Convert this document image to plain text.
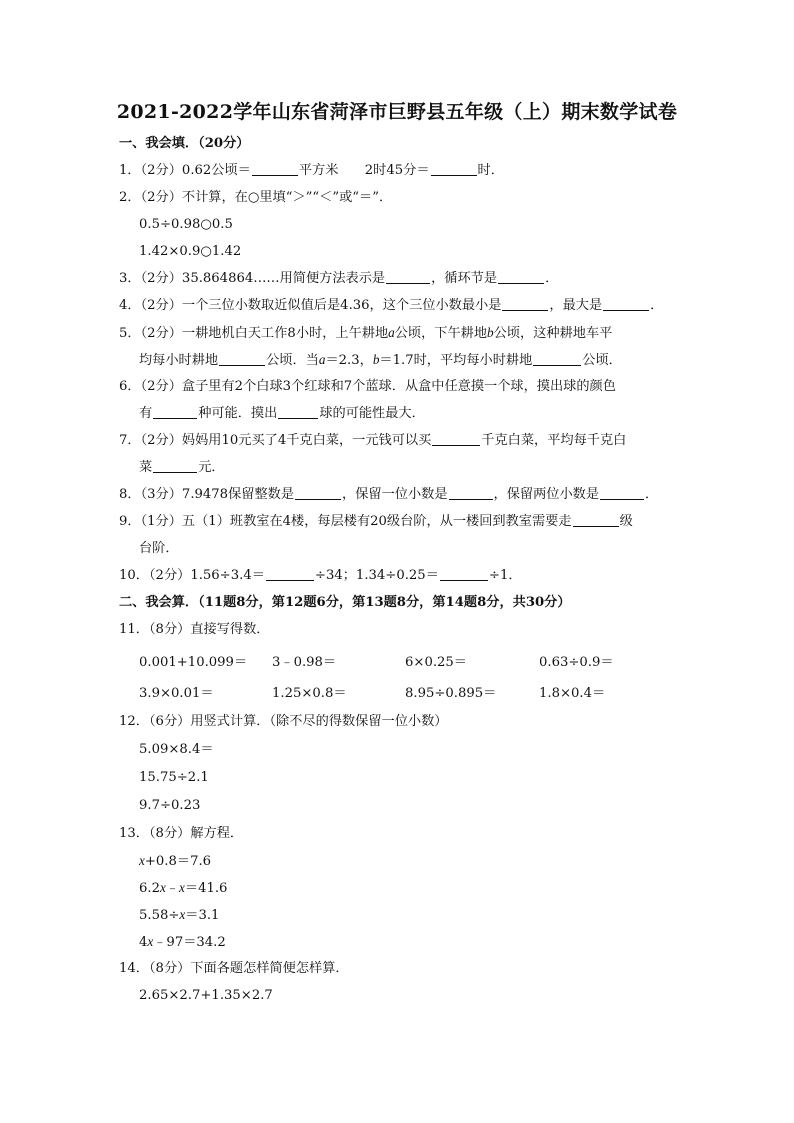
2021-2022学年山东省菏泽市巨野县五年级（上）期末数学试卷
一、我会填．（20分）
1．（2分）0.62公顷＝	平方米　　2时45分＝	时．
2．（2分）不计算，在○里填“＞”“＜”或“＝”．
0.5÷0.98○0.5
1.42×0.9○1.42
3．（2分）35.864864……用简便方法表示是	，循环节是	．
4．（2分）一个三位小数取近似值后是4.36，这个三位小数最小是	，最大是	．
5．（2分）一耕地机白天工作8小时，上午耕地a公顷，下午耕地b公顷，这种耕地车平
均每小时耕地	公顷．当a＝2.3，b＝1.7时，平均每小时耕地	公顷．
6．（2分）盒子里有2个白球3个红球和7个蓝球．从盒中任意摸一个球，摸出球的颜色
有	种可能．摸出	球的可能性最大．
7．（2分）妈妈用10元买了4千克白菜，一元钱可以买	千克白菜，平均每千克白
菜	元．
8．（3分）7.9478保留整数是	，保留一位小数是	，保留两位小数是	．
9．（1分）五（1）班教室在4楼，每层楼有20级台阶，从一楼回到教室需要走	级
台阶．
10．（2分）1.56÷3.4＝	÷34；1.34÷0.25＝	÷1．
二、我会算．（11题8分，第12题6分，第13题8分，第14题8分，共30分）
11．（8分）直接写得数．
0.001+10.099＝ 3﹣0.98＝	6×0.25＝	0.63÷0.9＝
3.9×0.01＝	1.25×0.8＝	8.95÷0.895＝	1.8×0.4＝
12．（6分）用竖式计算．（除不尽的得数保留一位小数）
5.09×8.4＝
15.75÷2.1
9.7÷0.23
13．（8分）解方程．
x+0.8＝7.6
6.2x﹣x＝41.6
5.58÷x＝3.1
4x﹣97＝34.2
14．（8分）下面各题怎样简便怎样算．
2.65×2.7+1.35×2.7
